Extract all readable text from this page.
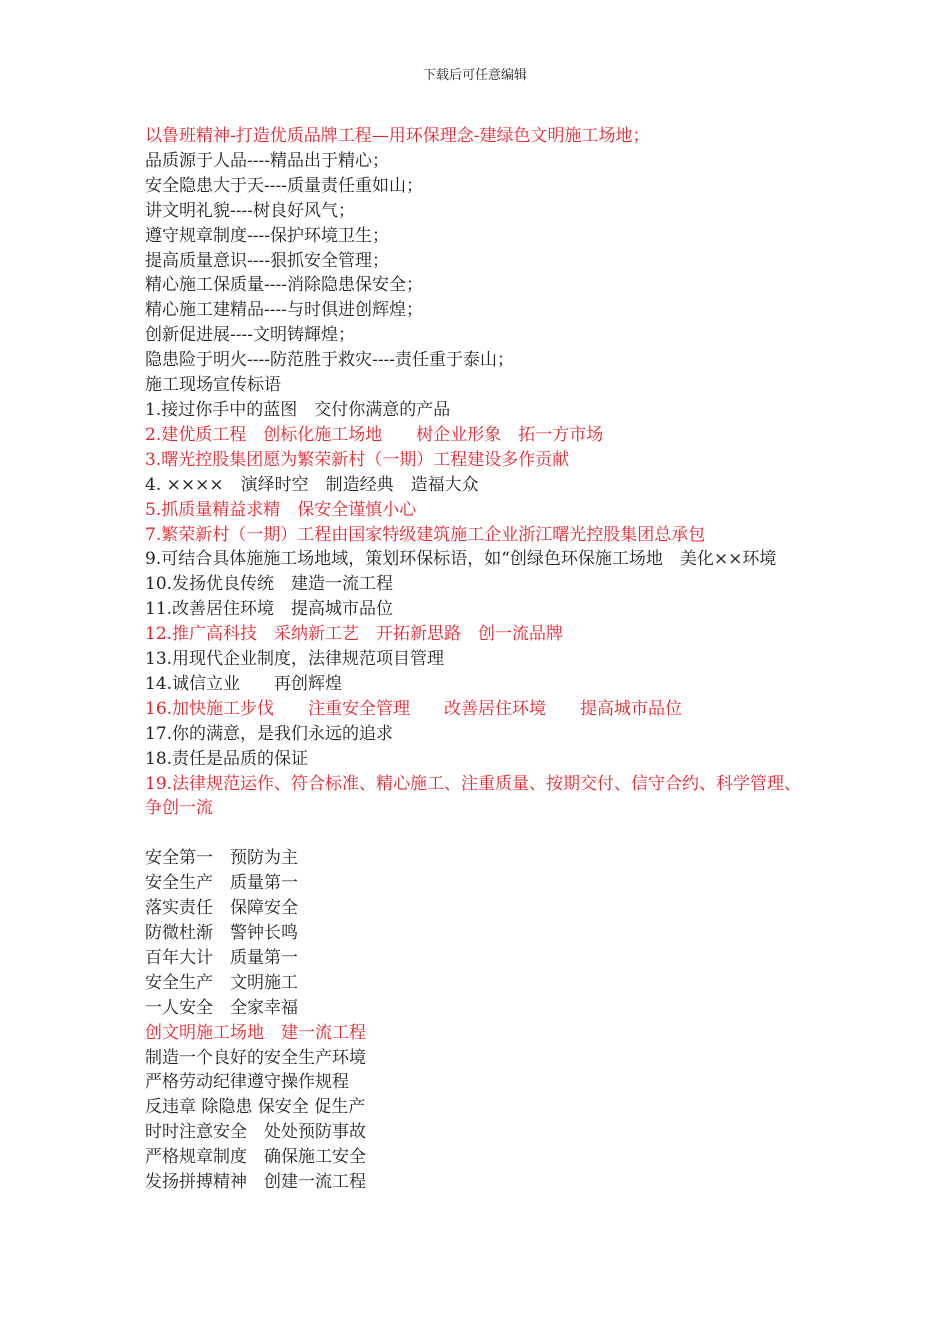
下载后可任意编辑
以鲁班精神-打造优质品牌工程—用环保理念-建绿色文明施工场地；
品质源于人品----精品出于精心；
安全隐患大于天----质量责任重如山；
讲文明礼貌----树良好风气；
遵守规章制度----保护环境卫生；
提高质量意识----狠抓安全管理；
精心施工保质量----消除隐患保安全；
精心施工建精品----与时俱进创辉煌；
创新促进展----文明铸輝煌；
隐患险于明火----防范胜于救灾----责任重于泰山；
施工现场宣传标语
1.接过你手中的蓝图　交付你满意的产品
2.建优质工程　创标化施工场地　　树企业形象　拓一方市场
3.曙光控股集团愿为繁荣新村（一期）工程建设多作贡献
4. ××××　演绎时空　制造经典　造福大众
5.抓质量精益求精　保安全谨慎小心
7.繁荣新村（一期）工程由国家特级建筑施工企业浙江曙光控股集团总承包
9.可结合具体施施工场地域，策划环保标语，如“创绿色环保施工场地　美化××环境
10.发扬优良传统　建造一流工程
11.改善居住环境　提高城市品位
12.推广高科技　采纳新工艺　开拓新思路　创一流品牌
13.用现代企业制度，法律规范项目管理
14.诚信立业　　再创辉煌
16.加快施工步伐　　注重安全管理　　改善居住环境　　提高城市品位
17.你的满意，是我们永远的追求
18.责任是品质的保证
19.法律规范运作、符合标准、精心施工、注重质量、按期交付、信守合约、科学管理、争创一流
安全第一　预防为主
安全生产　质量第一
落实责任　保障安全
防微杜渐　警钟长鸣
百年大计　质量第一
安全生产　文明施工
一人安全　全家幸福
创文明施工场地　建一流工程
制造一个良好的安全生产环境
严格劳动纪律遵守操作规程
反违章 除隐患 保安全 促生产
时时注意安全　处处预防事故
严格规章制度　确保施工安全
发扬拼搏精神　创建一流工程
